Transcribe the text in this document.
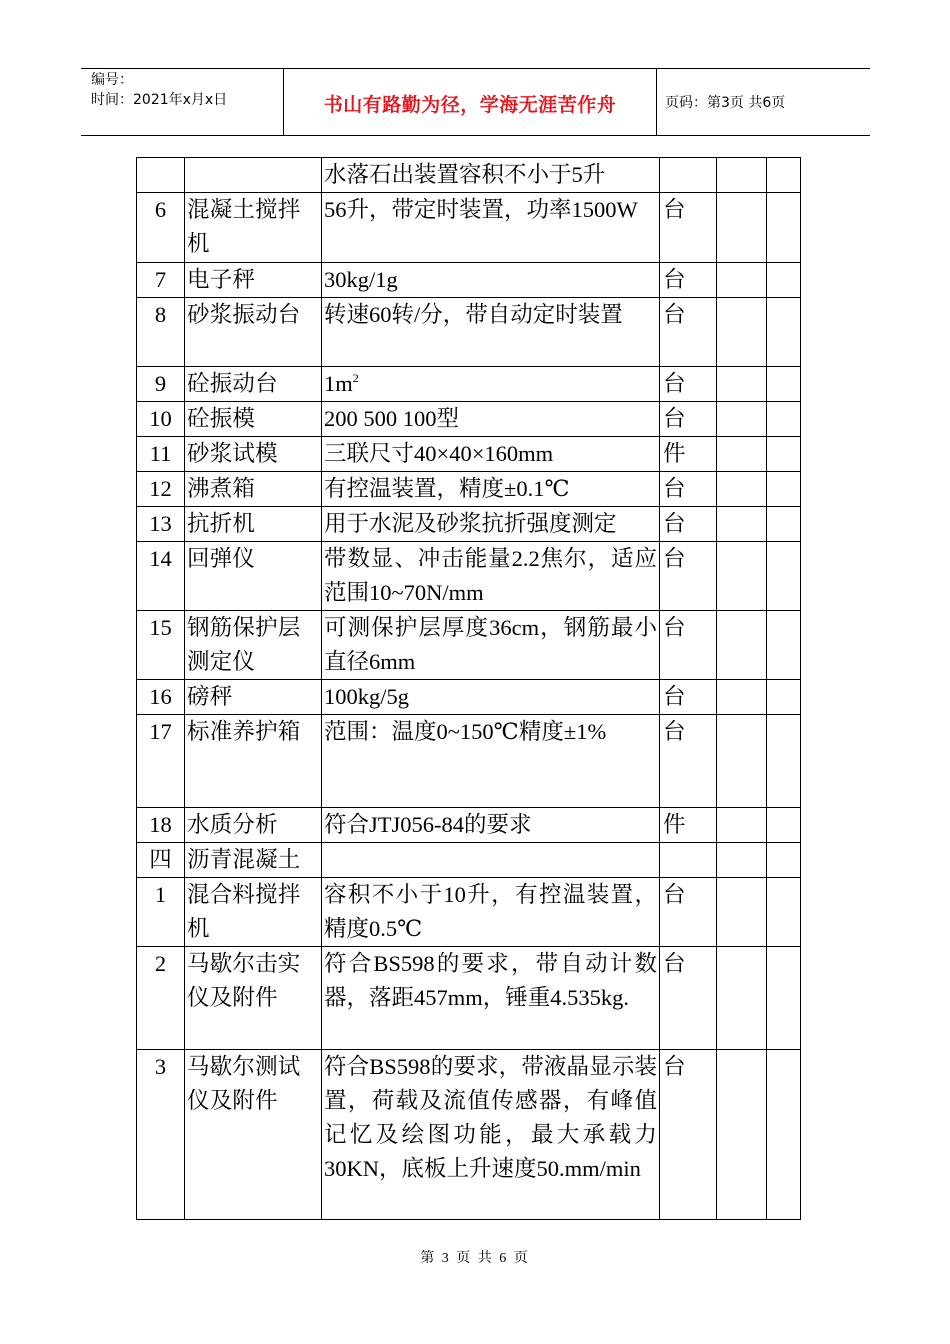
编号：
时间：2021年x月x日	书山有路勤为径，学海无涯苦作舟	页码：第3页 共6页
		水落石出装置容积不小于5升			
6	混凝土搅拌机	56升，带定时装置，功率1500W	台		
7	电子秤	30kg/1g	台		
8	砂浆振动台	转速60转/分，带自动定时装置	台		
9	砼振动台	$1m^2$	台		
10	砼振模	200 500 100型	台		
11	砂浆试模	三联尺寸40×40×160mm	件		
12	沸煮箱	有控温装置，精度±0.1℃	台		
13	抗折机	用于水泥及砂浆抗折强度测定	台		
14	回弹仪	带数显、冲击能量2.2焦尔，适应范围10~70N/mm	台		
15	钢筋保护层测定仪	可测保护层厚度36cm，钢筋最小直径6mm	台		
16	磅秤	100kg/5g	台		
17	标准养护箱	范围：温度0~150℃精度±1%	台		
18	水质分析	符合JTJ056-84的要求	件		
四	沥青混凝土				
1	混合料搅拌机	容积不小于10升，有控温装置，精度0.5℃	台		
2	马歇尔击实仪及附件	符合BS598的要求，带自动计数器，落距457mm，锤重4.535kg.	台		
3	马歇尔测试仪及附件	符合BS598的要求，带液晶显示装置，荷载及流值传感器，有峰值记忆及绘图功能，最大承载力30KN，底板上升速度50.mm/min	台		
第 3 页 共 6 页
